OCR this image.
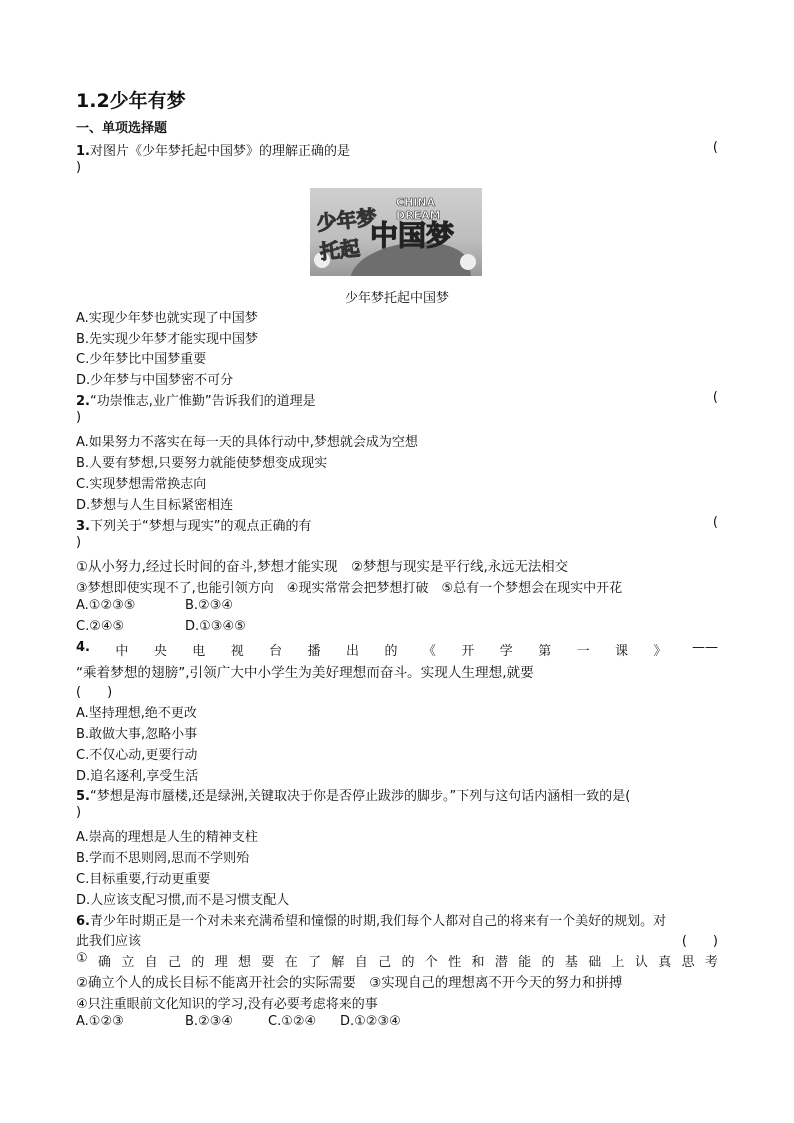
1.2少年有梦
一、单项选择题
1.对图片《少年梦托起中国梦》的理解正确的是	(
)
少年梦
托起
CHINA DREAM
中国梦
少年梦托起中国梦
A.实现少年梦也就实现了中国梦
B.先实现少年梦才能实现中国梦
C.少年梦比中国梦重要
D.少年梦与中国梦密不可分
2.“功崇惟志,业广惟勤”告诉我们的道理是	(
)
A.如果努力不落实在每一天的具体行动中,梦想就会成为空想
B.人要有梦想,只要努力就能使梦想变成现实
C.实现梦想需常换志向
D.梦想与人生目标紧密相连
3.下列关于“梦想与现实”的观点正确的有	(
)
①从小努力,经过长时间的奋斗,梦想才能实现　②梦想与现实是平行线,永远无法相交
③梦想即使实现不了,也能引领方向　④现实常常会把梦想打破　⑤总有一个梦想会在现实中开花
A.①②③⑤	B.②③④
C.②④⑤	D.①③④⑤
4. 中 央 电 视 台 播 出 的 《 开 学 第 一 课 》 ——
“乘着梦想的翅膀”,引领广大中小学生为美好理想而奋斗。实现人生理想,就要
(　　)
A.坚持理想,绝不更改
B.敢做大事,忽略小事
C.不仅心动,更要行动
D.追名逐利,享受生活
5.“梦想是海市蜃楼,还是绿洲,关键取决于你是否停止跋涉的脚步。”下列与这句话内涵相一致的是(
)
A.崇高的理想是人生的精神支柱
B.学而不思则罔,思而不学则殆
C.目标重要,行动更重要
D.人应该支配习惯,而不是习惯支配人
6.青少年时期正是一个对未来充满希望和憧憬的时期,我们每个人都对自己的将来有一个美好的规划。对
此我们应该	(　　)
① 确 立 自 己 的 理 想 要 在 了 解 自 己 的 个 性 和 潜 能 的 基 础 上 认 真 思 考
②确立个人的成长目标不能离开社会的实际需要　③实现自己的理想离不开今天的努力和拼搏
④只注重眼前文化知识的学习,没有必要考虑将来的事
A.①②③	B.②③④	C.①②④ D.①②③④
